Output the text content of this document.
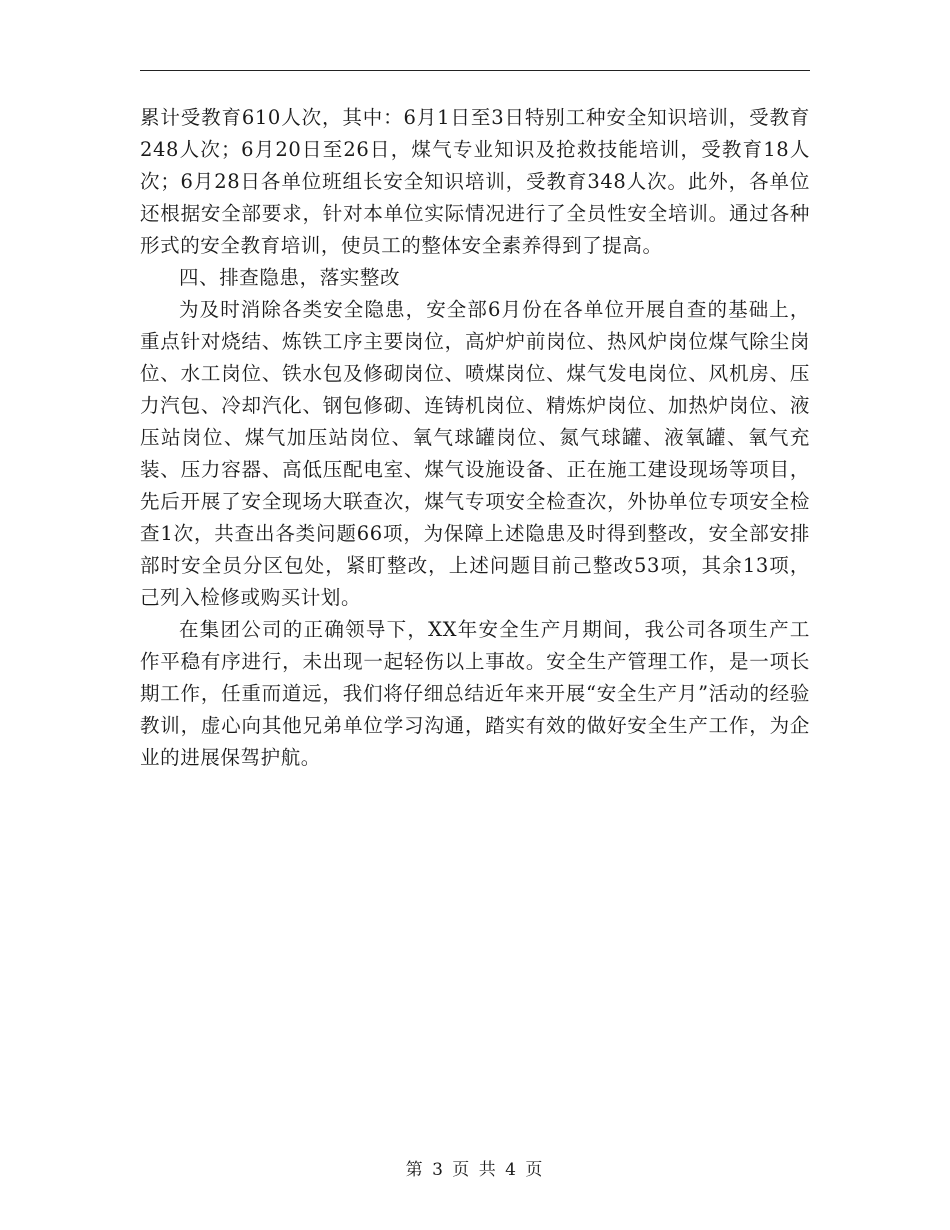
累计受教育610人次，其中：6月1日至3日特别工种安全知识培训，受教育248人次；6月20日至26日，煤气专业知识及抢救技能培训，受教育18人次；6月28日各单位班组长安全知识培训，受教育348人次。此外，各单位还根据安全部要求，针对本单位实际情况进行了全员性安全培训。通过各种形式的安全教育培训，使员工的整体安全素养得到了提高。

四、排查隐患，落实整改

为及时消除各类安全隐患，安全部6月份在各单位开展自查的基础上，重点针对烧结、炼铁工序主要岗位，高炉炉前岗位、热风炉岗位煤气除尘岗位、水工岗位、铁水包及修砌岗位、喷煤岗位、煤气发电岗位、风机房、压力汽包、冷却汽化、钢包修砌、连铸机岗位、精炼炉岗位、加热炉岗位、液压站岗位、煤气加压站岗位、氧气球罐岗位、氮气球罐、液氧罐、氧气充装、压力容器、高低压配电室、煤气设施设备、正在施工建设现场等项目，先后开展了安全现场大联查次，煤气专项安全检查次，外协单位专项安全检查1次，共查出各类问题66项，为保障上述隐患及时得到整改，安全部安排部时安全员分区包处，紧盯整改，上述问题目前己整改53项，其余13项，己列入检修或购买计划。

在集团公司的正确领导下，XX年安全生产月期间，我公司各项生产工作平稳有序进行，未出现一起轻伤以上事故。安全生产管理工作，是一项长期工作，任重而道远，我们将仔细总结近年来开展“安全生产月”活动的经验教训，虚心向其他兄弟单位学习沟通，踏实有效的做好安全生产工作，为企业的进展保驾护航。

第 3 页 共 4 页
